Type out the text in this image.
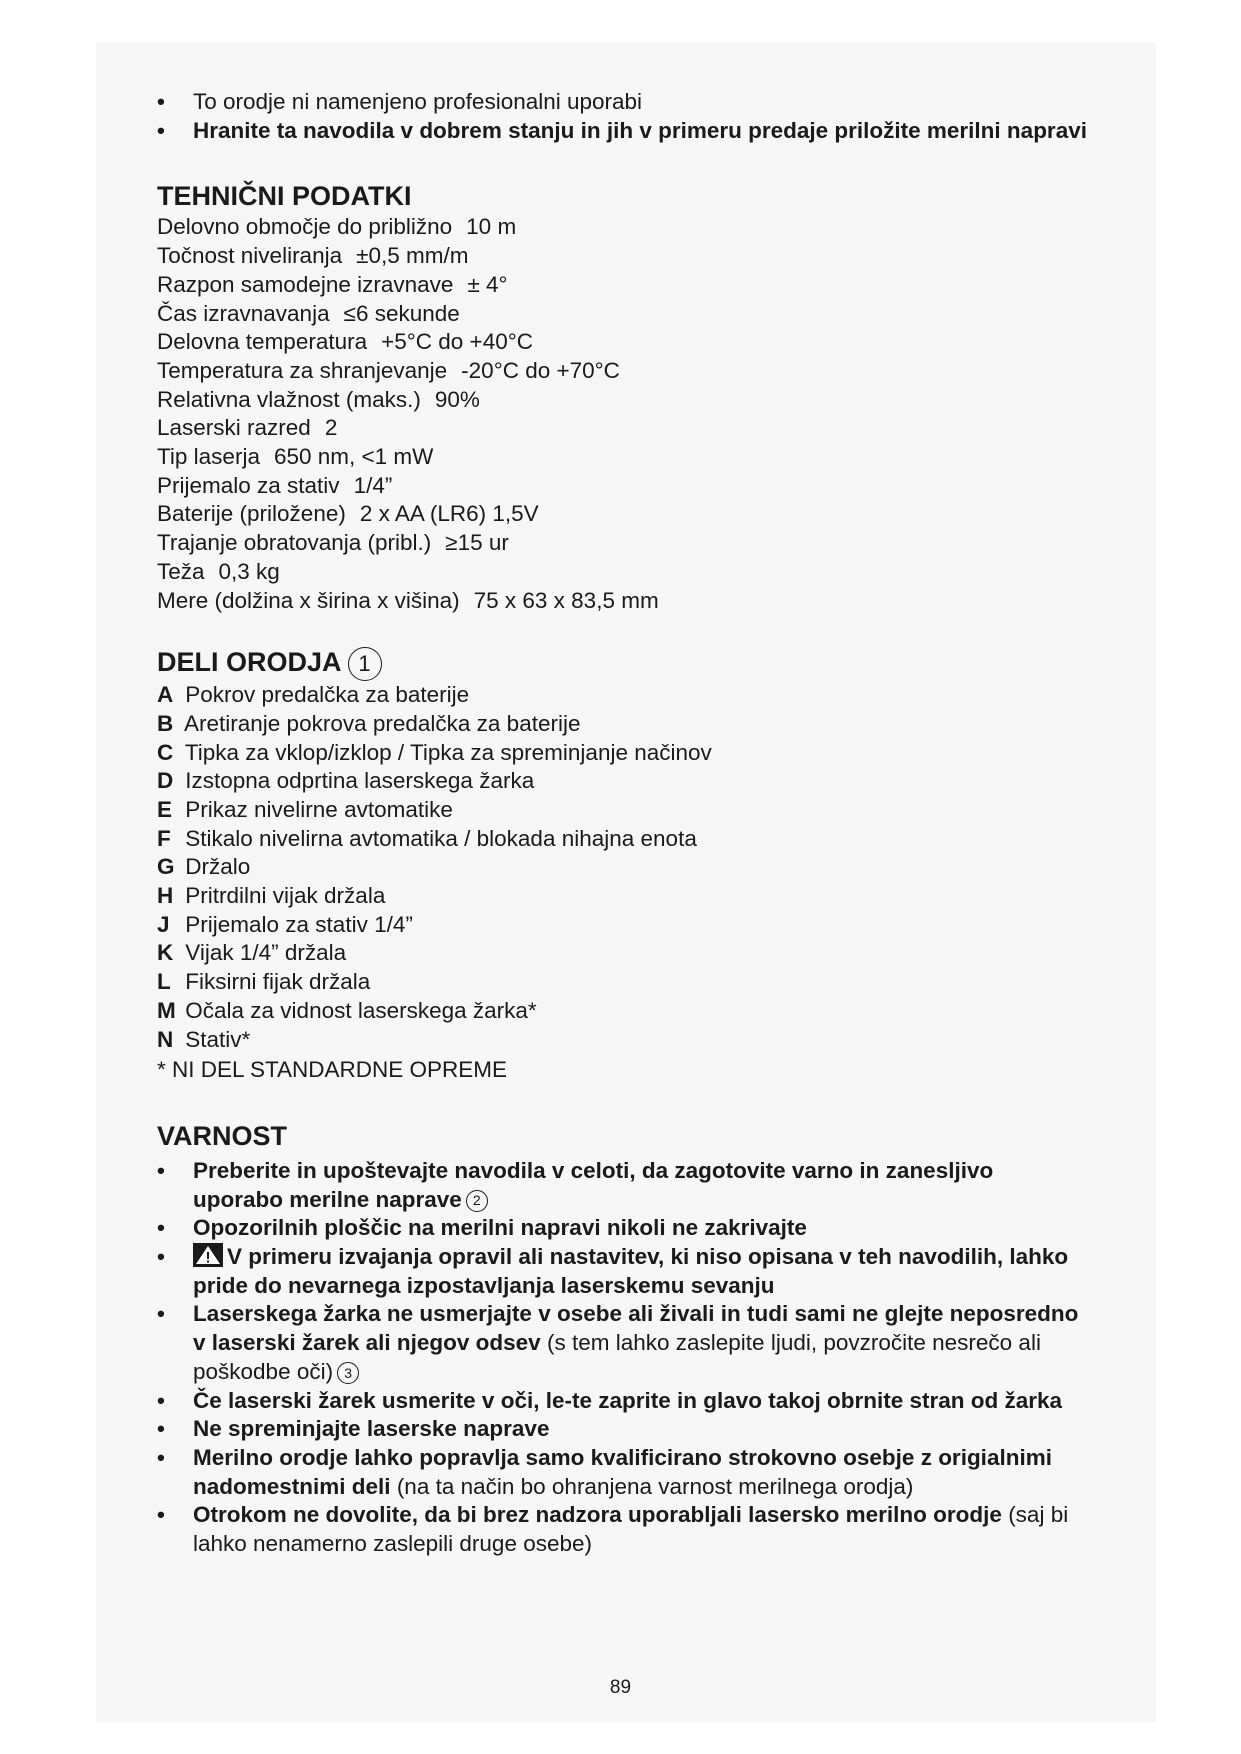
• To orodje ni namenjeno profesionalni uporabi
• Hranite ta navodila v dobrem stanju in jih v primeru predaje priložite merilni napravi
TEHNIČNI PODATKI
Delovno območje do približno 10 m
Točnost niveliranja ±0,5 mm/m
Razpon samodejne izravnave ± 4°
Čas izravnavanja ≤6 sekunde
Delovna temperatura +5°C do +40°C
Temperatura za shranjevanje -20°C do +70°C
Relativna vlažnost (maks.) 90%
Laserski razred 2
Tip laserja 650 nm, <1 mW
Prijemalo za stativ 1/4”
Baterije (priložene) 2 x AA (LR6) 1,5V
Trajanje obratovanja (pribl.) ≥15 ur
Teža 0,3 kg
Mere (dolžina x širina x višina) 75 x 63 x 83,5 mm
DELI ORODJA 1
A Pokrov predalčka za baterije
B Aretiranje pokrova predalčka za baterije
C Tipka za vklop/izklop / Tipka za spreminjanje načinov
D Izstopna odprtina laserskega žarka
E Prikaz nivelirne avtomatike
F Stikalo nivelirna avtomatika / blokada nihajna enota
G Držalo
H Pritrdilni vijak držala
J Prijemalo za stativ 1/4”
K Vijak 1/4” držala
L Fiksirni fijak držala
M Očala za vidnost laserskega žarka*
N Stativ*
* NI DEL STANDARDNE OPREME
VARNOST
• Preberite in upoštevajte navodila v celoti, da zagotovite varno in zanesljivo uporabo merilne naprave 2
• Opozorilnih ploščic na merilni napravi nikoli ne zakrivajte
• V primeru izvajanja opravil ali nastavitev, ki niso opisana v teh navodilih, lahko pride do nevarnega izpostavljanja laserskemu sevanju
• Laserskega žarka ne usmerjajte v osebe ali živali in tudi sami ne glejte neposredno v laserski žarek ali njegov odsev (s tem lahko zaslepite ljudi, povzročite nesrečo ali poškodbe oči) 3
• Če laserski žarek usmerite v oči, le-te zaprite in glavo takoj obrnite stran od žarka
• Ne spreminjajte laserske naprave
• Merilno orodje lahko popravlja samo kvalificirano strokovno osebje z origialnimi nadomestnimi deli (na ta način bo ohranjena varnost merilnega orodja)
• Otrokom ne dovolite, da bi brez nadzora uporabljali lasersko merilno orodje (saj bi lahko nenamerno zaslepili druge osebe)
89
